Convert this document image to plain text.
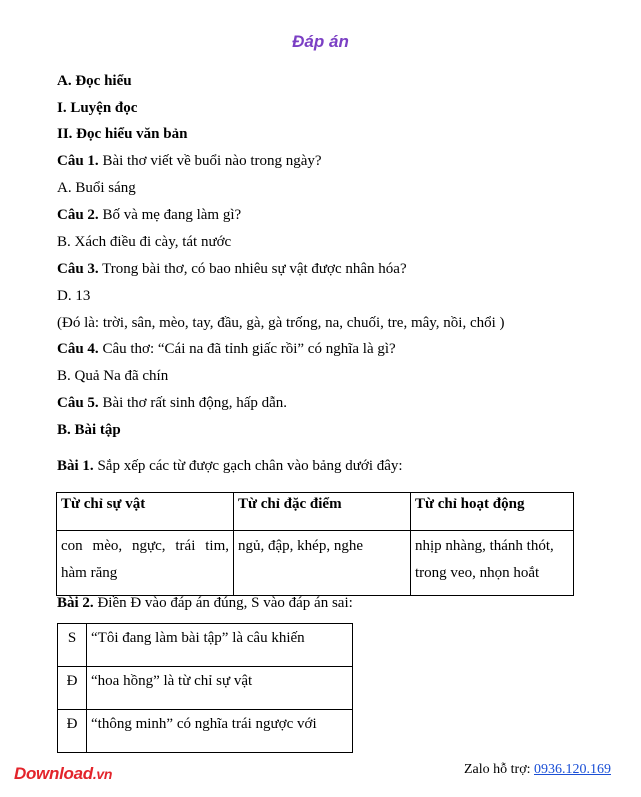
Đáp án
A. Đọc hiểu
I. Luyện đọc
II. Đọc hiểu văn bản
Câu 1. Bài thơ viết về buổi nào trong ngày?
A. Buổi sáng
Câu 2. Bố và mẹ đang làm gì?
B. Xách điều đi cày, tát nước
Câu 3. Trong bài thơ, có bao nhiêu sự vật được nhân hóa?
D. 13
(Đó là: trời, sân, mèo, tay, đầu, gà, gà trống, na, chuối, tre, mây, nồi, chổi )
Câu 4. Câu thơ: “Cái na đã tỉnh giấc rồi” có nghĩa là gì?
B. Quả Na đã chín
Câu 5. Bài thơ rất sinh động, hấp dẫn.
B. Bài tập
Bài 1. Sắp xếp các từ được gạch chân vào bảng dưới đây:
Từ chỉ sự vật	Từ chỉ đặc điểm	Từ chỉ hoạt động
con mèo, ngực, trái tim, hàm răng	ngủ, đập, khép, nghe	nhịp nhàng, thánh thót, trong veo, nhọn hoắt
Bài 2. Điền Đ vào đáp án đúng, S vào đáp án sai:
S	“Tôi đang làm bài tập” là câu khiến
Đ	“hoa hồng” là từ chỉ sự vật
Đ	“thông minh” có nghĩa trái ngược với
Download.vn	Zalo hỗ trợ: 0936.120.169
